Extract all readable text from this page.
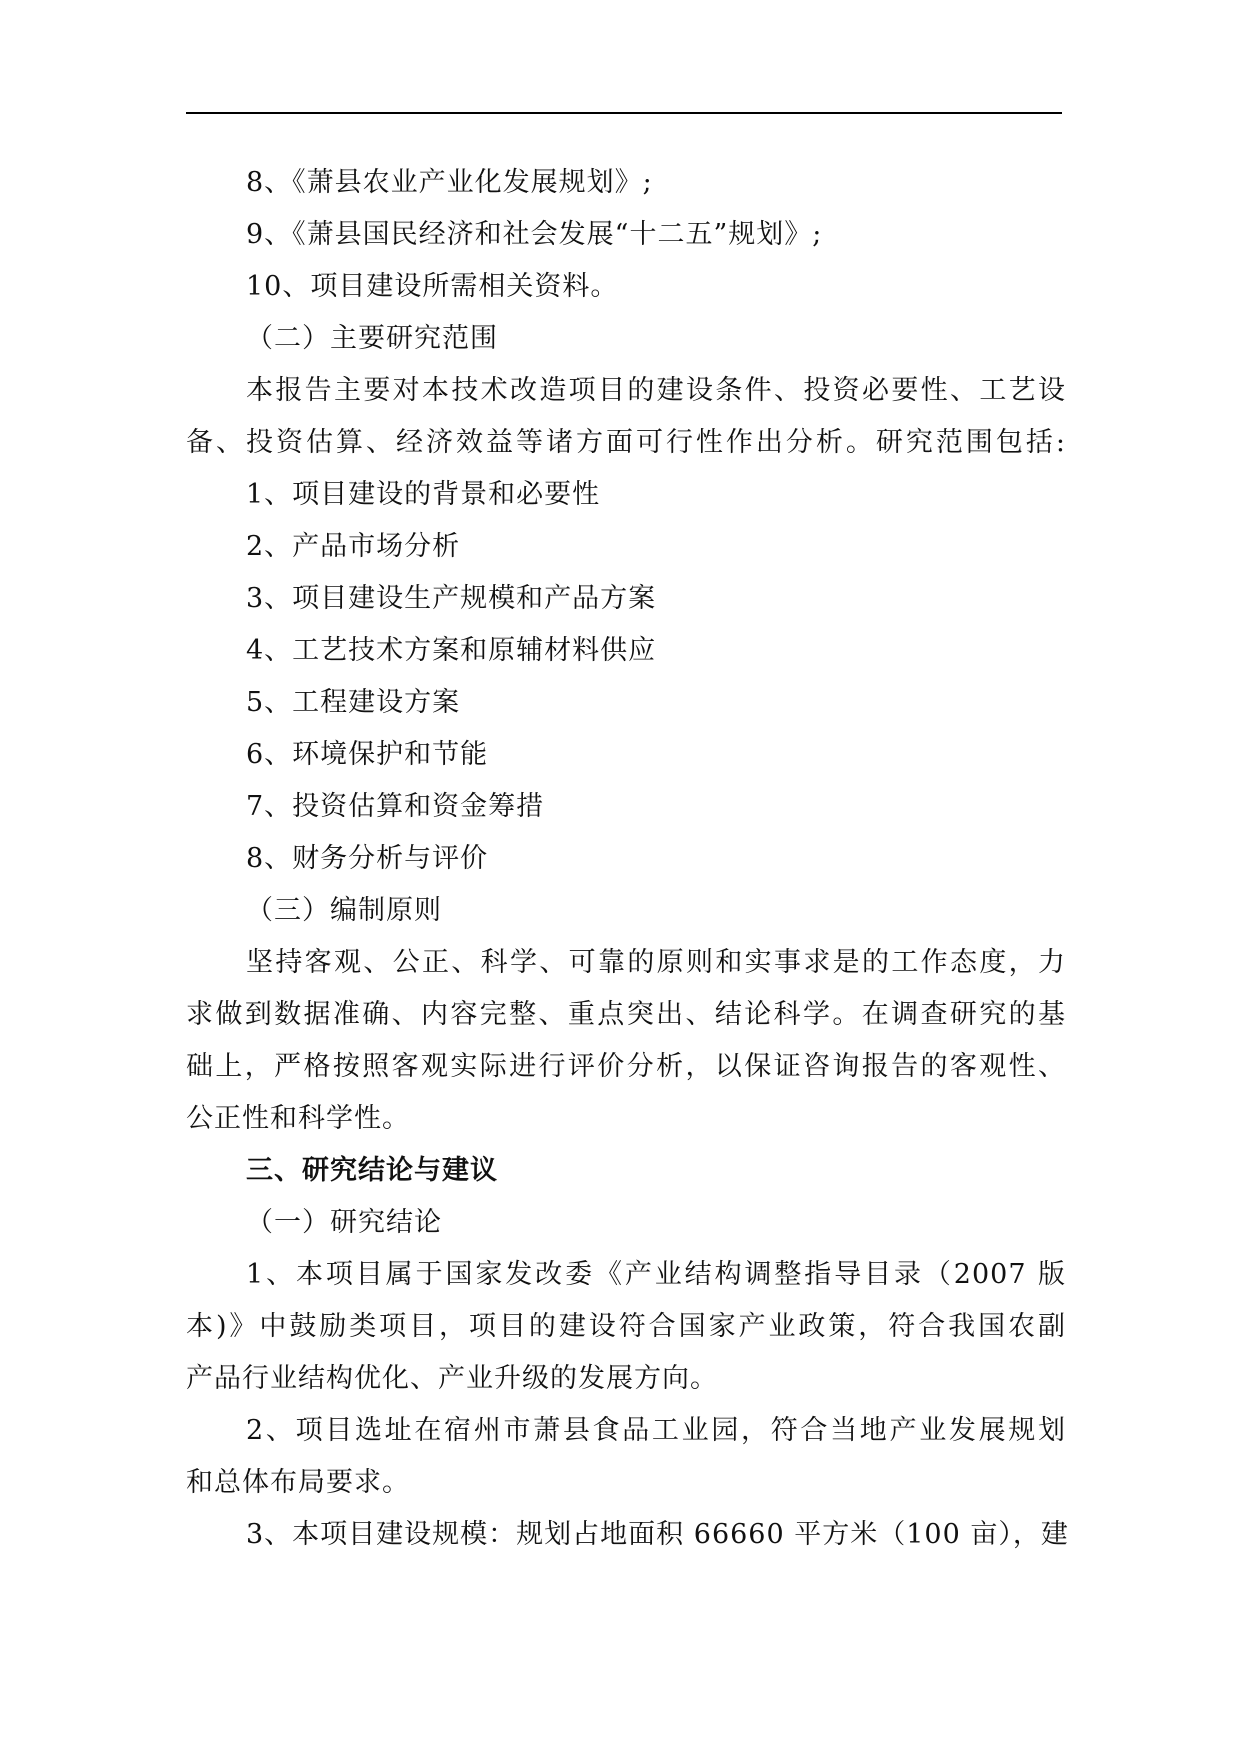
8、《萧县农业产业化发展规划》;
9、《萧县国民经济和社会发展“十二五”规划》;
10、项目建设所需相关资料。
（二）主要研究范围
本报告主要对本技术改造项目的建设条件、投资必要性、工艺设
备、投资估算、经济效益等诸方面可行性作出分析。研究范围包括:
1、项目建设的背景和必要性
2、产品市场分析
3、项目建设生产规模和产品方案
4、工艺技术方案和原辅材料供应
5、工程建设方案
6、环境保护和节能
7、投资估算和资金筹措
8、财务分析与评价
（三）编制原则
坚持客观、公正、科学、可靠的原则和实事求是的工作态度，力
求做到数据准确、内容完整、重点突出、结论科学。在调查研究的基
础上，严格按照客观实际进行评价分析，以保证咨询报告的客观性、
公正性和科学性。
三、研究结论与建议
（一）研究结论
1、本项目属于国家发改委《产业结构调整指导目录（2007 版
本)》中鼓励类项目，项目的建设符合国家产业政策，符合我国农副
产品行业结构优化、产业升级的发展方向。
2、项目选址在宿州市萧县食品工业园，符合当地产业发展规划
和总体布局要求。
3、本项目建设规模：规划占地面积 66660 平方米（100 亩），建
